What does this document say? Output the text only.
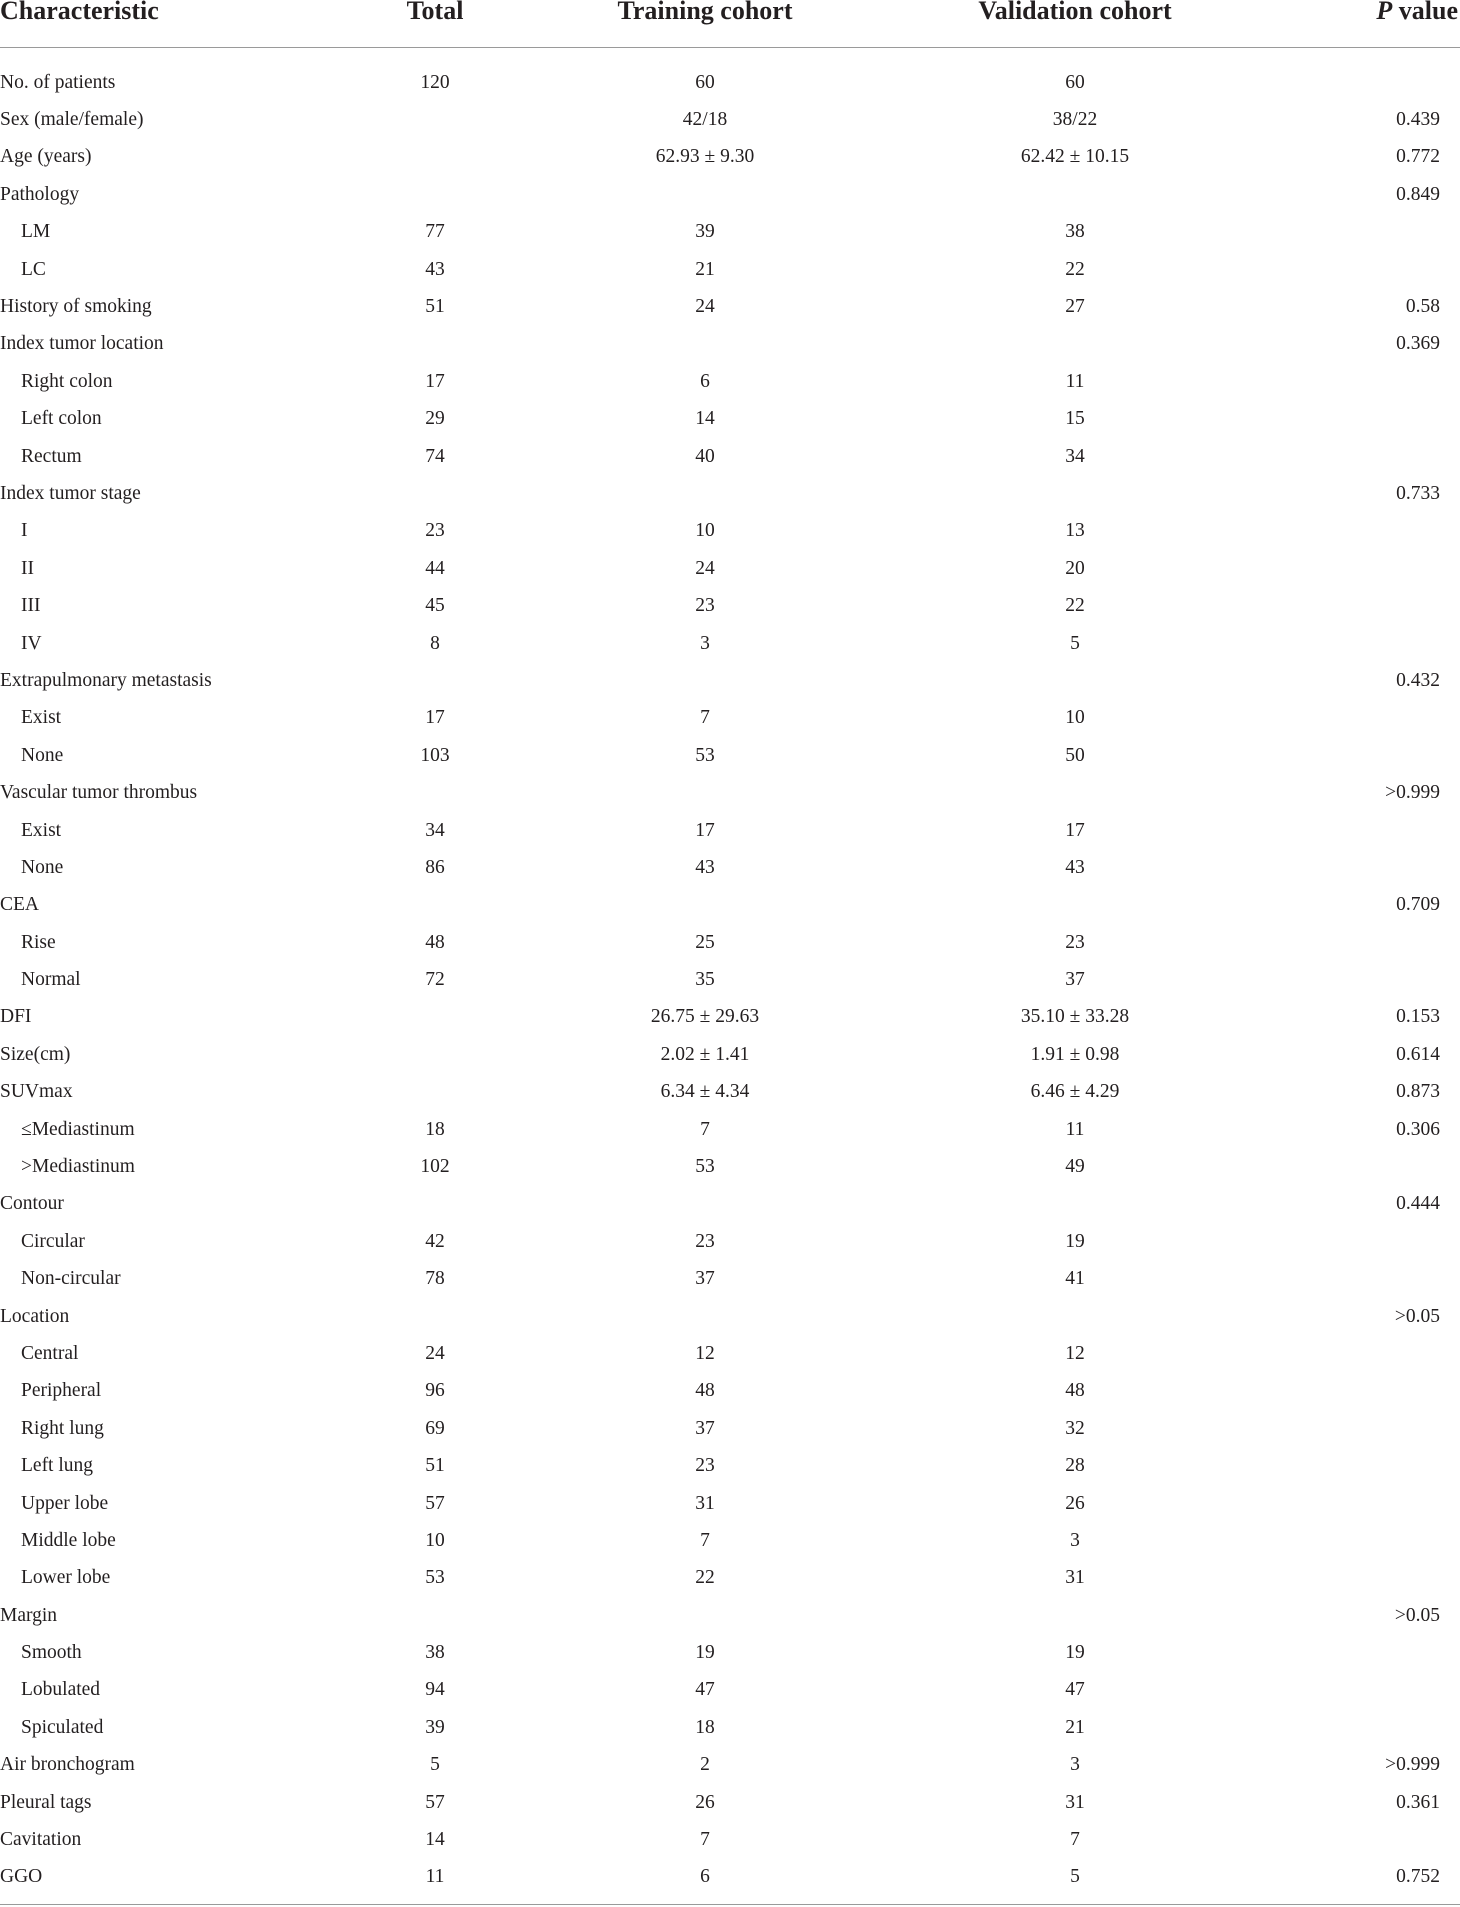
Characteristic	Total	Training cohort	Validation cohort	P value
No. of patients	120	60	60	
Sex (male/female)		42/18	38/22	0.439
Age (years)		62.93 ± 9.30	62.42 ± 10.15	0.772
Pathology				0.849
LM	77	39	38	
LC	43	21	22	
History of smoking	51	24	27	0.58
Index tumor location				0.369
Right colon	17	6	11	
Left colon	29	14	15	
Rectum	74	40	34	
Index tumor stage				0.733
I	23	10	13	
II	44	24	20	
III	45	23	22	
IV	8	3	5	
Extrapulmonary metastasis				0.432
Exist	17	7	10	
None	103	53	50	
Vascular tumor thrombus				>0.999
Exist	34	17	17	
None	86	43	43	
CEA				0.709
Rise	48	25	23	
Normal	72	35	37	
DFI		26.75 ± 29.63	35.10 ± 33.28	0.153
Size(cm)		2.02 ± 1.41	1.91 ± 0.98	0.614
SUVmax		6.34 ± 4.34	6.46 ± 4.29	0.873
≤Mediastinum	18	7	11	0.306
>Mediastinum	102	53	49	
Contour				0.444
Circular	42	23	19	
Non-circular	78	37	41	
Location				>0.05
Central	24	12	12	
Peripheral	96	48	48	
Right lung	69	37	32	
Left lung	51	23	28	
Upper lobe	57	31	26	
Middle lobe	10	7	3	
Lower lobe	53	22	31	
Margin				>0.05
Smooth	38	19	19	
Lobulated	94	47	47	
Spiculated	39	18	21	
Air bronchogram	5	2	3	>0.999
Pleural tags	57	26	31	0.361
Cavitation	14	7	7	
GGO	11	6	5	0.752
